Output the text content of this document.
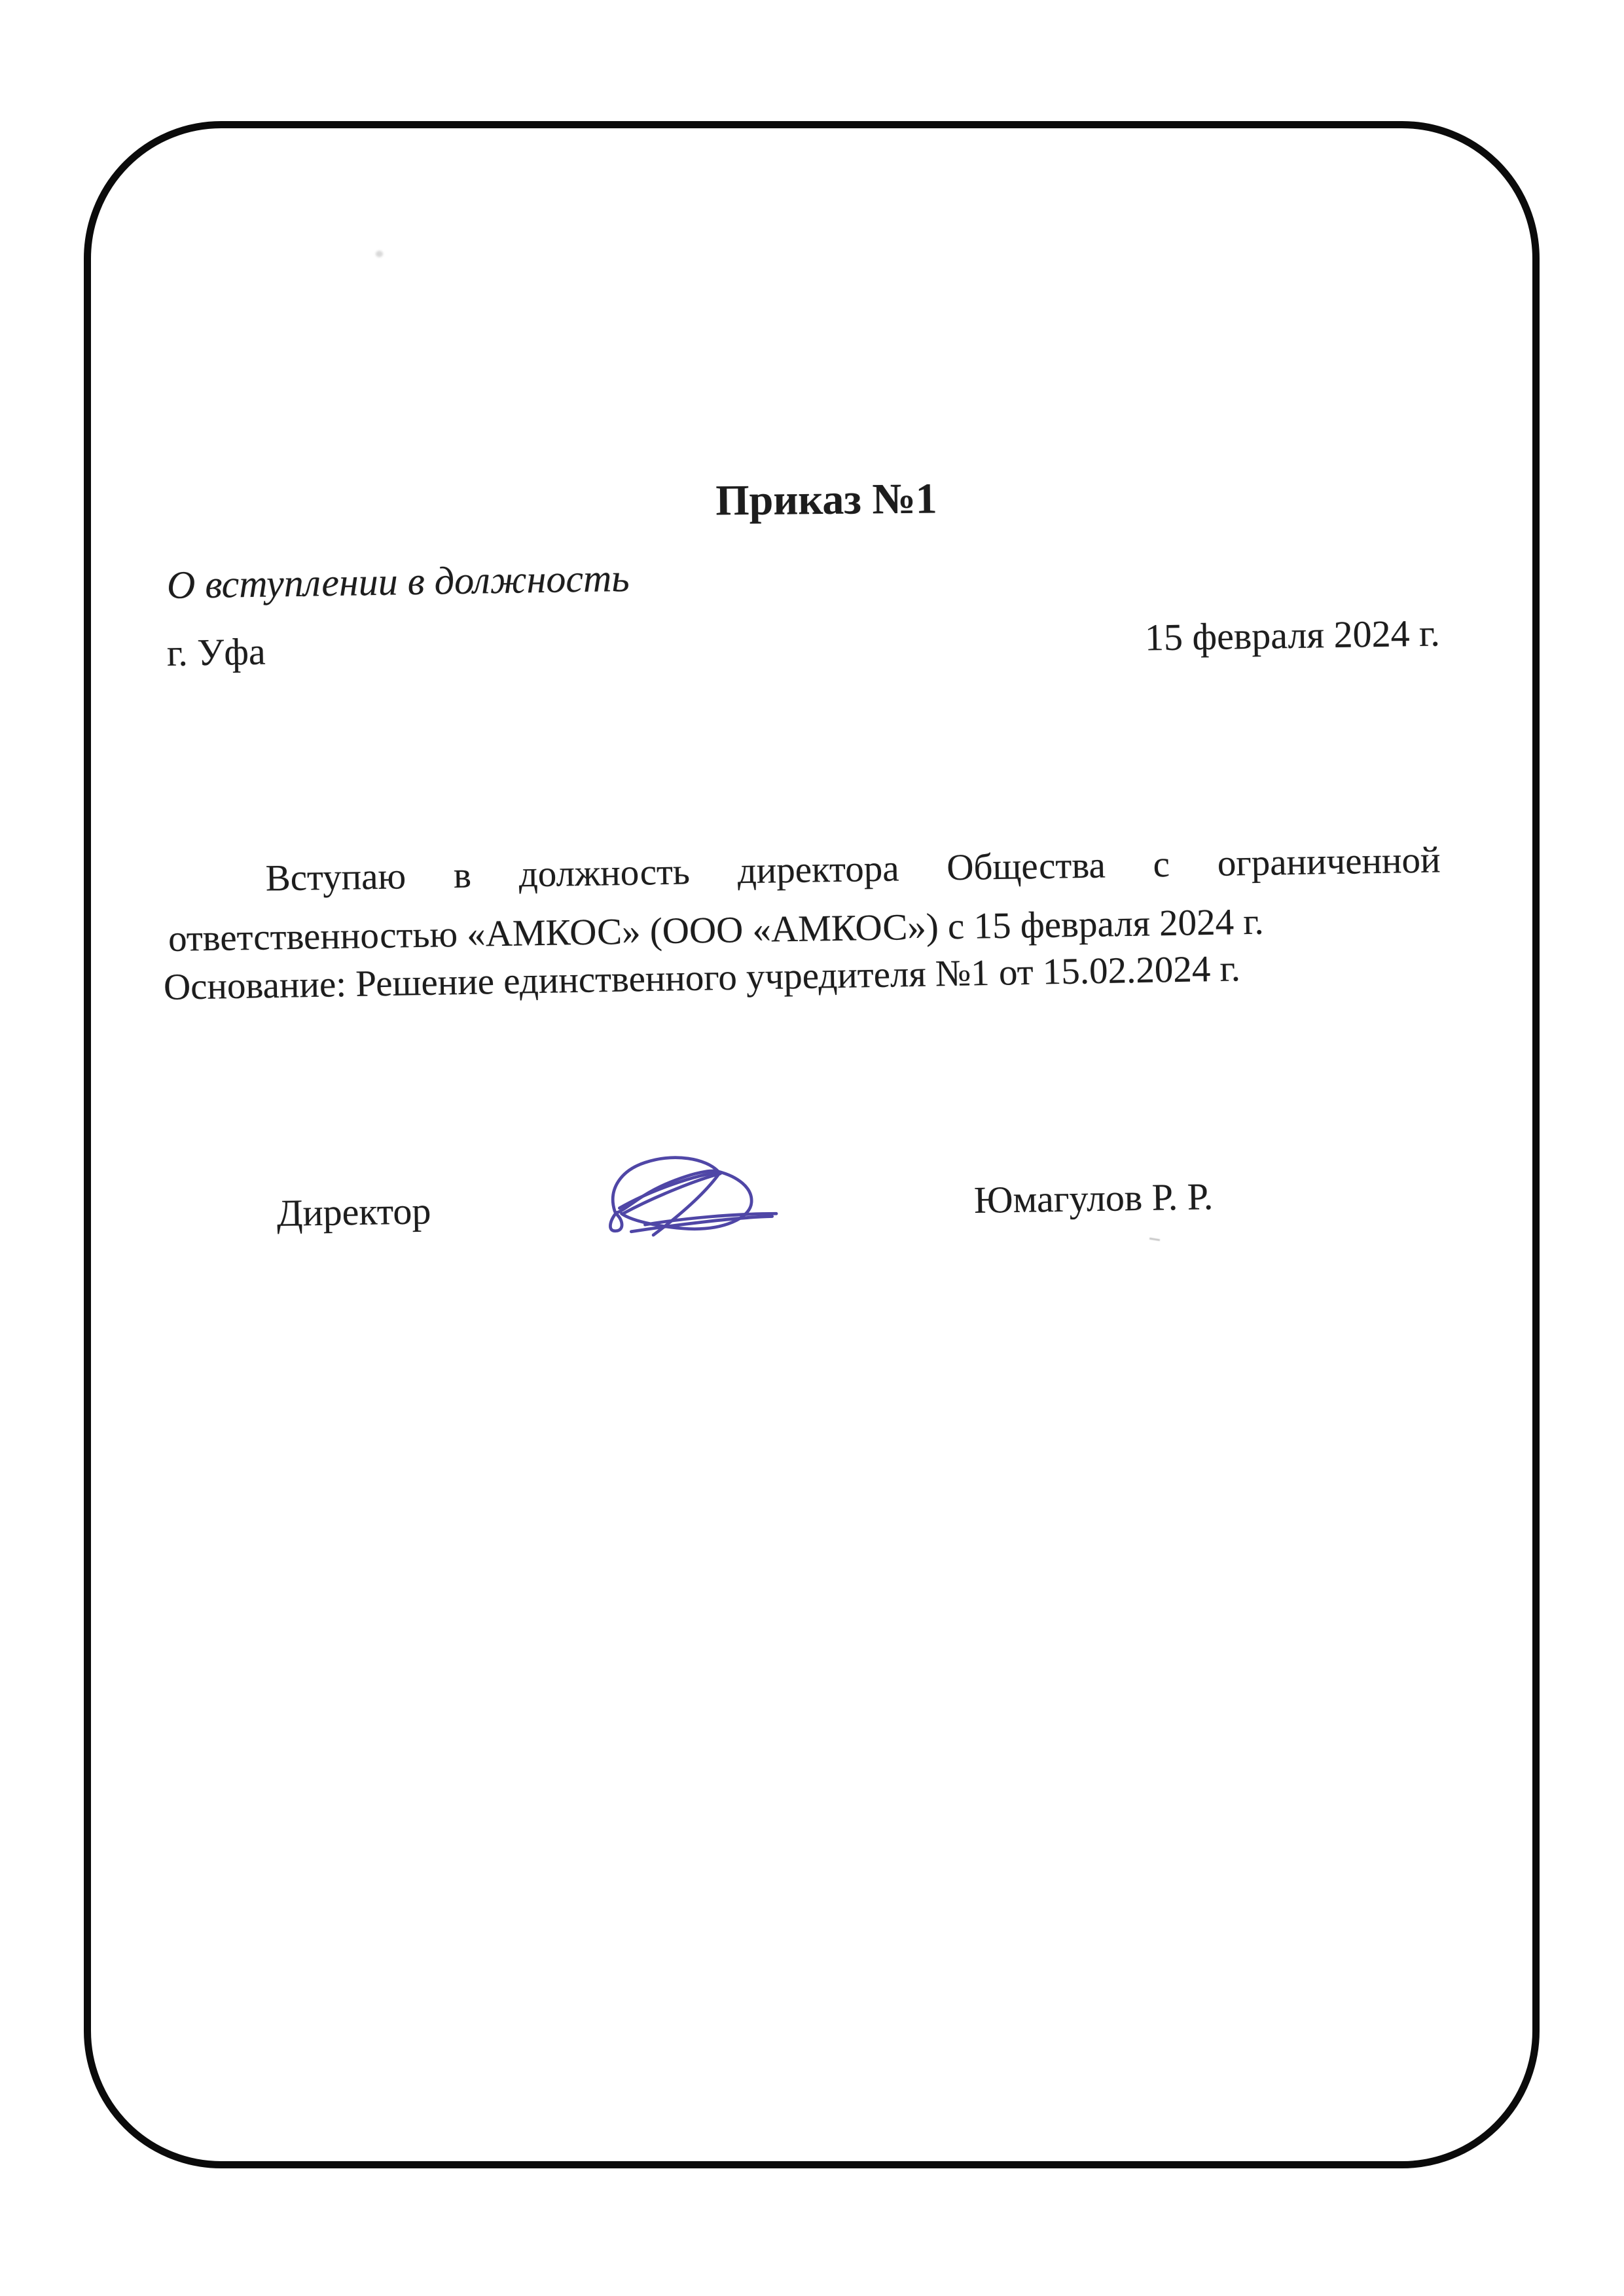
Приказ №1
О вступлении в должность
г. Уфа	15 февраля 2024 г.
Вступаю в должность директора Общества с ограниченной ответственностью «АМКОС» (ООО «АМКОС») с 15 февраля 2024 г.
Основание: Решение единственного учредителя №1 от 15.02.2024 г.
Директор	Юмагулов Р. Р.
